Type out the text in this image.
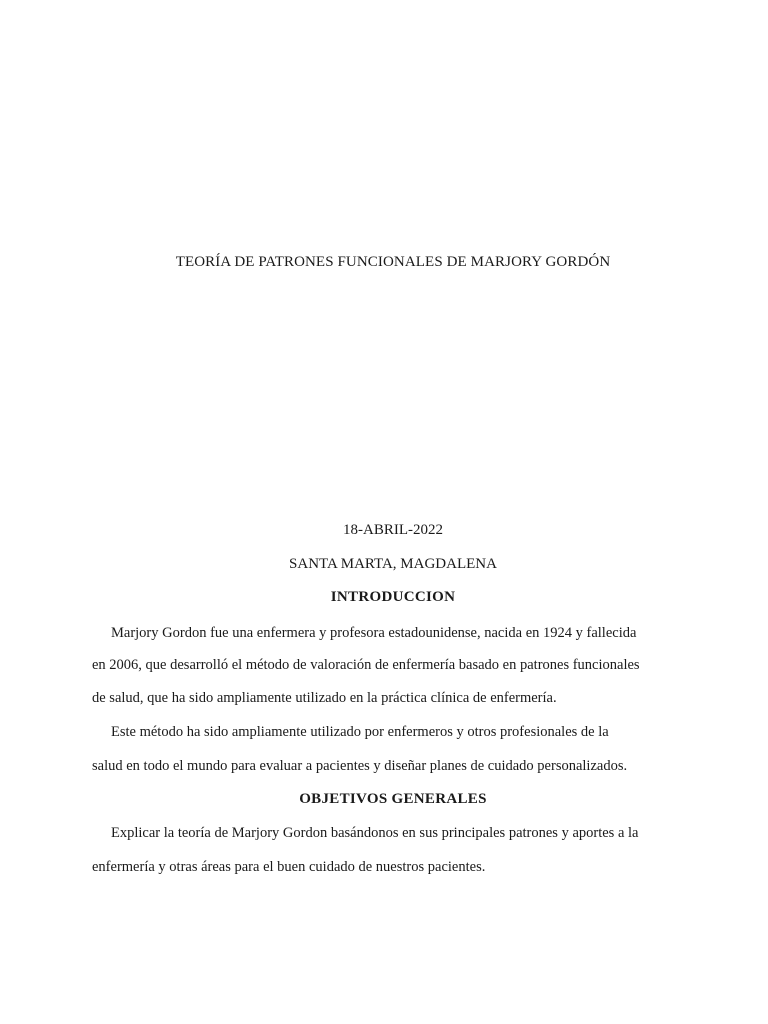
TEORÍA DE PATRONES FUNCIONALES DE MARJORY GORDÓN
18-ABRIL-2022
SANTA MARTA, MAGDALENA
INTRODUCCION
Marjory Gordon fue una enfermera y profesora estadounidense, nacida en 1924 y fallecida
en 2006, que desarrolló el método de valoración de enfermería basado en patrones funcionales
de salud, que ha sido ampliamente utilizado en la práctica clínica de enfermería.
Este método ha sido ampliamente utilizado por enfermeros y otros profesionales de la
salud en todo el mundo para evaluar a pacientes y diseñar planes de cuidado personalizados.
OBJETIVOS GENERALES
Explicar la teoría de Marjory Gordon basándonos en sus principales patrones y aportes a la
enfermería y otras áreas para el buen cuidado de nuestros pacientes.
